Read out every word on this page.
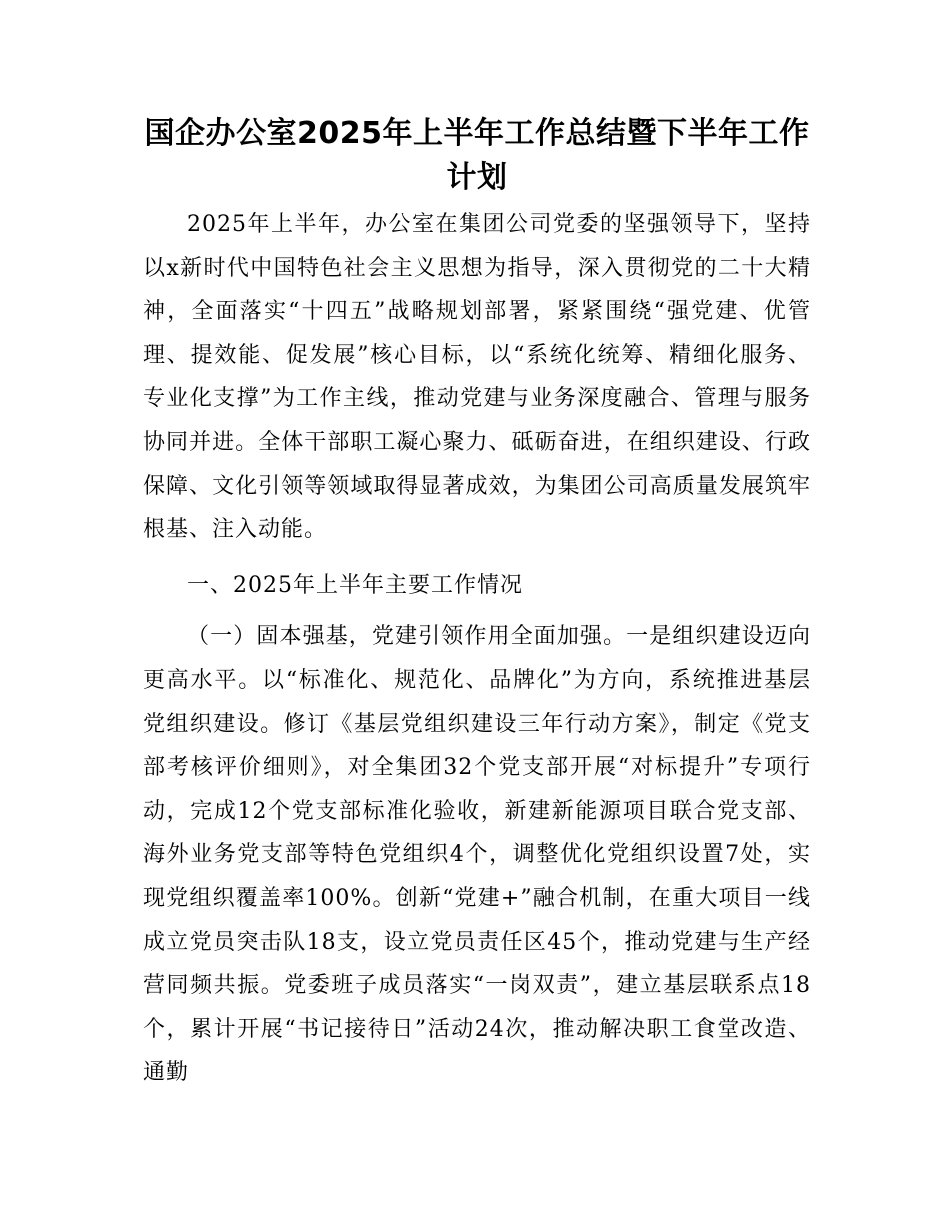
国企办公室2025年上半年工作总结暨下半年工作计划

2025年上半年，办公室在集团公司党委的坚强领导下，坚持以x新时代中国特色社会主义思想为指导，深入贯彻党的二十大精神，全面落实“十四五”战略规划部署，紧紧围绕“强党建、优管理、提效能、促发展”核心目标，以“系统化统筹、精细化服务、专业化支撑”为工作主线，推动党建与业务深度融合、管理与服务协同并进。全体干部职工凝心聚力、砥砺奋进，在组织建设、行政保障、文化引领等领域取得显著成效，为集团公司高质量发展筑牢根基、注入动能。

一、2025年上半年主要工作情况

（一）固本强基，党建引领作用全面加强。一是组织建设迈向更高水平。以“标准化、规范化、品牌化”为方向，系统推进基层党组织建设。修订《基层党组织建设三年行动方案》，制定《党支部考核评价细则》，对全集团32个党支部开展“对标提升”专项行动，完成12个党支部标准化验收，新建新能源项目联合党支部、海外业务党支部等特色党组织4个，调整优化党组织设置7处，实现党组织覆盖率100%。创新“党建+”融合机制，在重大项目一线成立党员突击队18支，设立党员责任区45个，推动党建与生产经营同频共振。党委班子成员落实“一岗双责”，建立基层联系点18个，累计开展“书记接待日”活动24次，推动解决职工食堂改造、通勤
